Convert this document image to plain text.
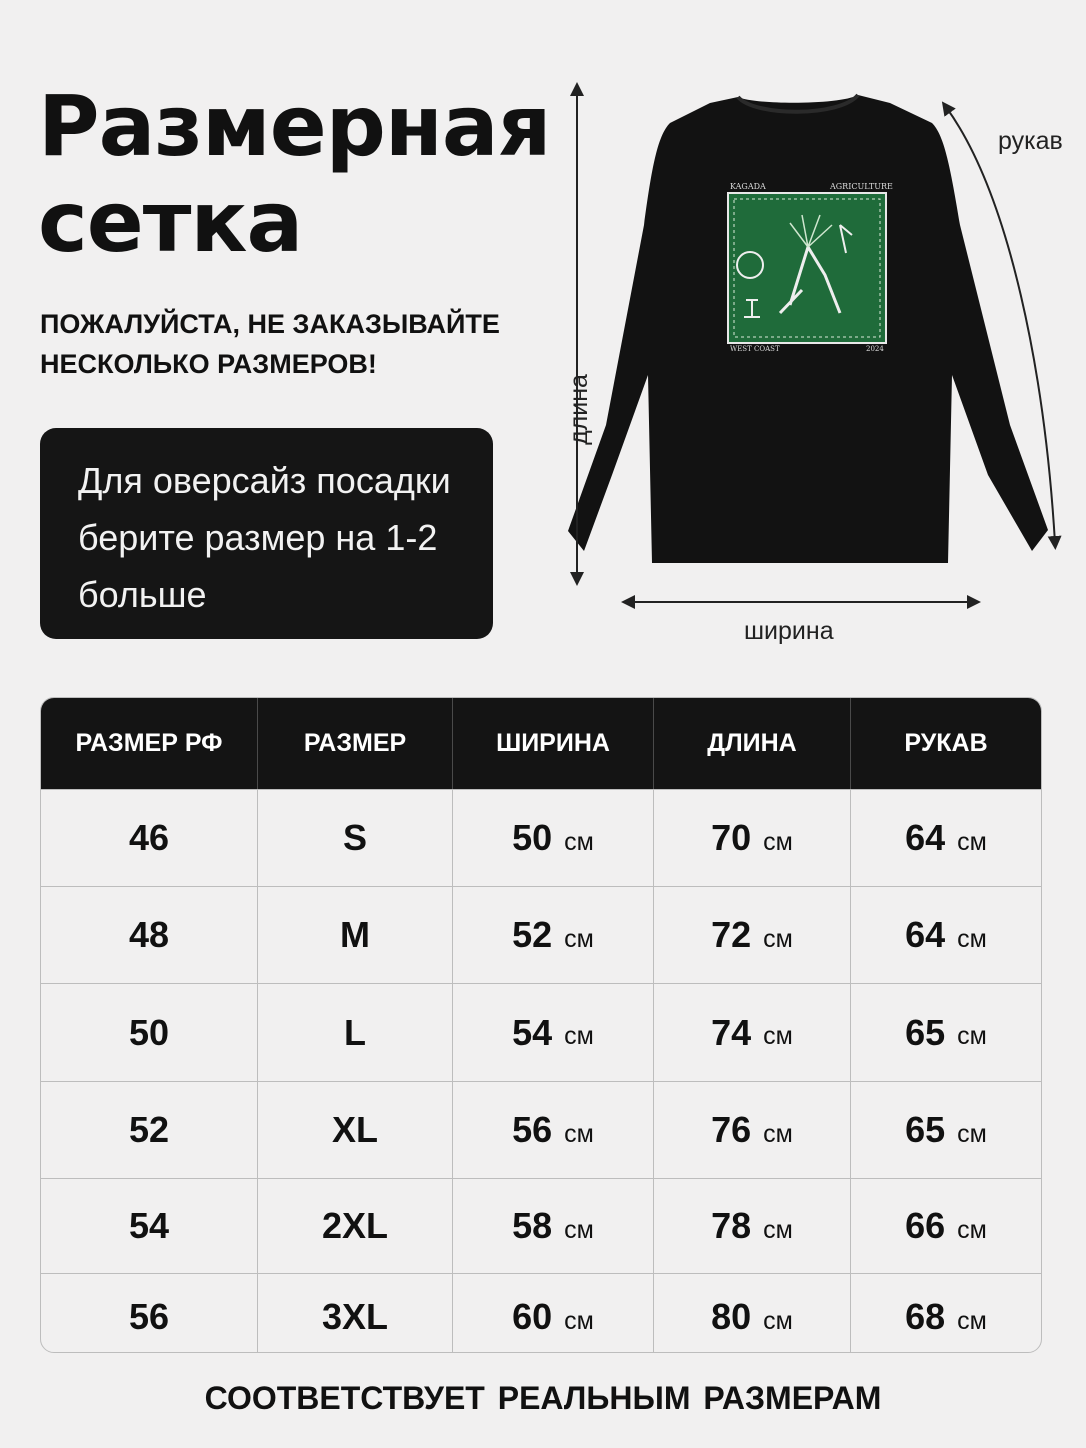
Размерная
сетка
ПОЖАЛУЙСТА, НЕ ЗАКАЗЫВАЙТЕ
НЕСКОЛЬКО РАЗМЕРОВ!
Для оверсайз посадки
берите размер на 1-2
больше
KAGADA	AGRICULTURE
WEST COAST	2024
рукав
ширина
длина
РАЗМЕР РФ	РАЗМЕР	ШИРИНА	ДЛИНА	РУКАВ
46	S	50 см	70 см	64 см
48	M	52 см	72 см	64 см
50	L	54 см	74 см	65 см
52	XL	56 см	76 см	65 см
54	2XL	58 см	78 см	66 см
56	3XL	60 см	80 см	68 см
СООТВЕТСТВУЕТ РЕАЛЬНЫМ РАЗМЕРАМ
